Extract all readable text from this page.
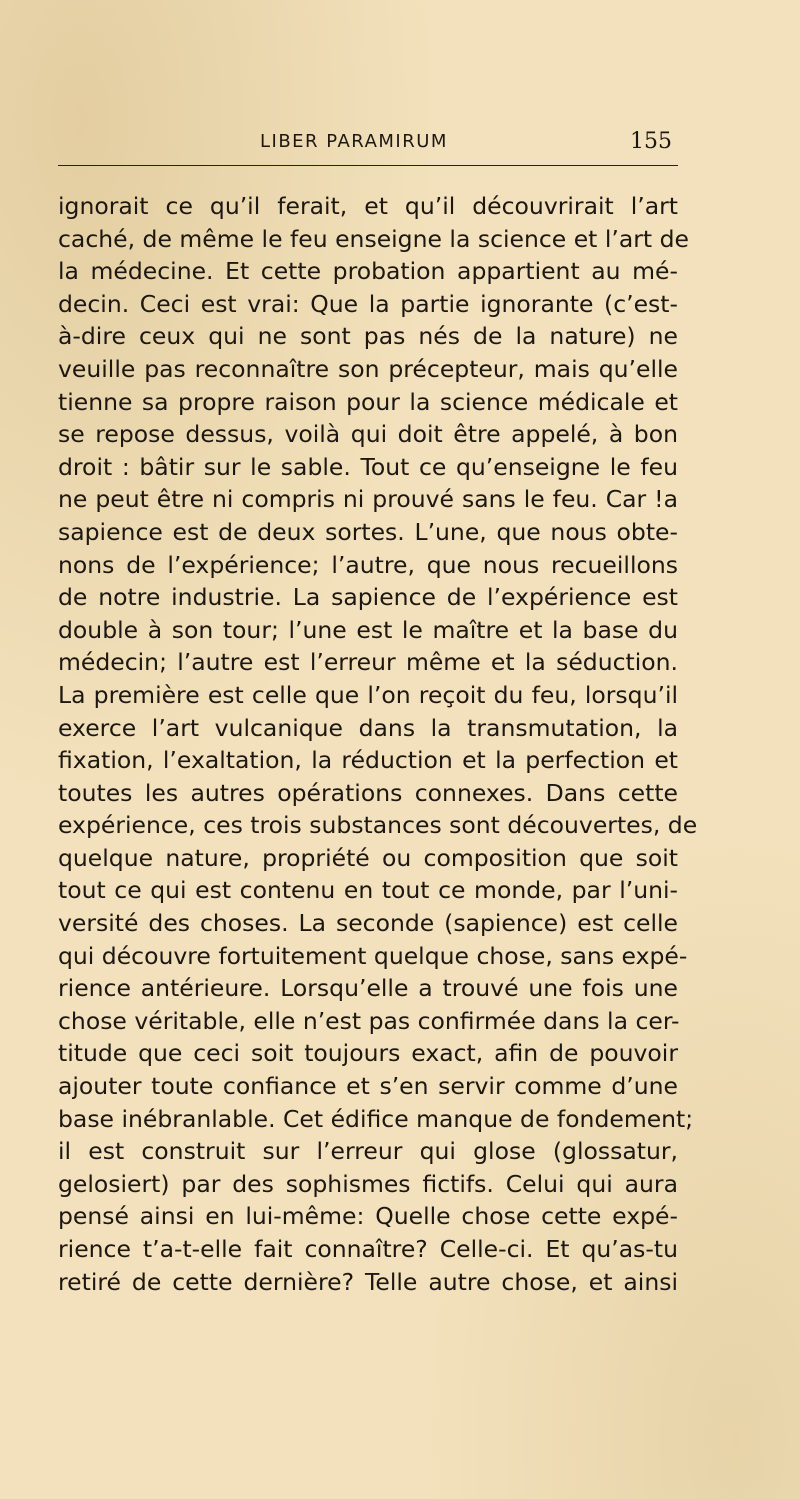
LIBER PARAMIRUM	155
ignorait ce qu’il ferait, et qu’il découvrirait l’art
caché, de même le feu enseigne la science et l’art de
la médecine. Et cette probation appartient au mé-
decin. Ceci est vrai: Que la partie ignorante (c’est-
à-dire ceux qui ne sont pas nés de la nature) ne
veuille pas reconnaître son précepteur, mais qu’elle
tienne sa propre raison pour la science médicale et
se repose dessus, voilà qui doit être appelé, à bon
droit : bâtir sur le sable. Tout ce qu’enseigne le feu
ne peut être ni compris ni prouvé sans le feu. Car !a
sapience est de deux sortes. L’une, que nous obte-
nons de l’expérience; l’autre, que nous recueillons
de notre industrie. La sapience de l’expérience est
double à son tour; l’une est le maître et la base du
médecin; l’autre est l’erreur même et la séduction.
La première est celle que l’on reçoit du feu, lorsqu’il
exerce l’art vulcanique dans la transmutation, la
fixation, l’exaltation, la réduction et la perfection et
toutes les autres opérations connexes. Dans cette
expérience, ces trois substances sont découvertes, de
quelque nature, propriété ou composition que soit
tout ce qui est contenu en tout ce monde, par l’uni-
versité des choses. La seconde (sapience) est celle
qui découvre fortuitement quelque chose, sans expé-
rience antérieure. Lorsqu’elle a trouvé une fois une
chose véritable, elle n’est pas confirmée dans la cer-
titude que ceci soit toujours exact, afin de pouvoir
ajouter toute confiance et s’en servir comme d’une
base inébranlable. Cet édifice manque de fondement;
il est construit sur l’erreur qui glose (glossatur,
gelosiert) par des sophismes fictifs. Celui qui aura
pensé ainsi en lui-même: Quelle chose cette expé-
rience t’a-t-elle fait connaître? Celle-ci. Et qu’as-tu
retiré de cette dernière? Telle autre chose, et ainsi
